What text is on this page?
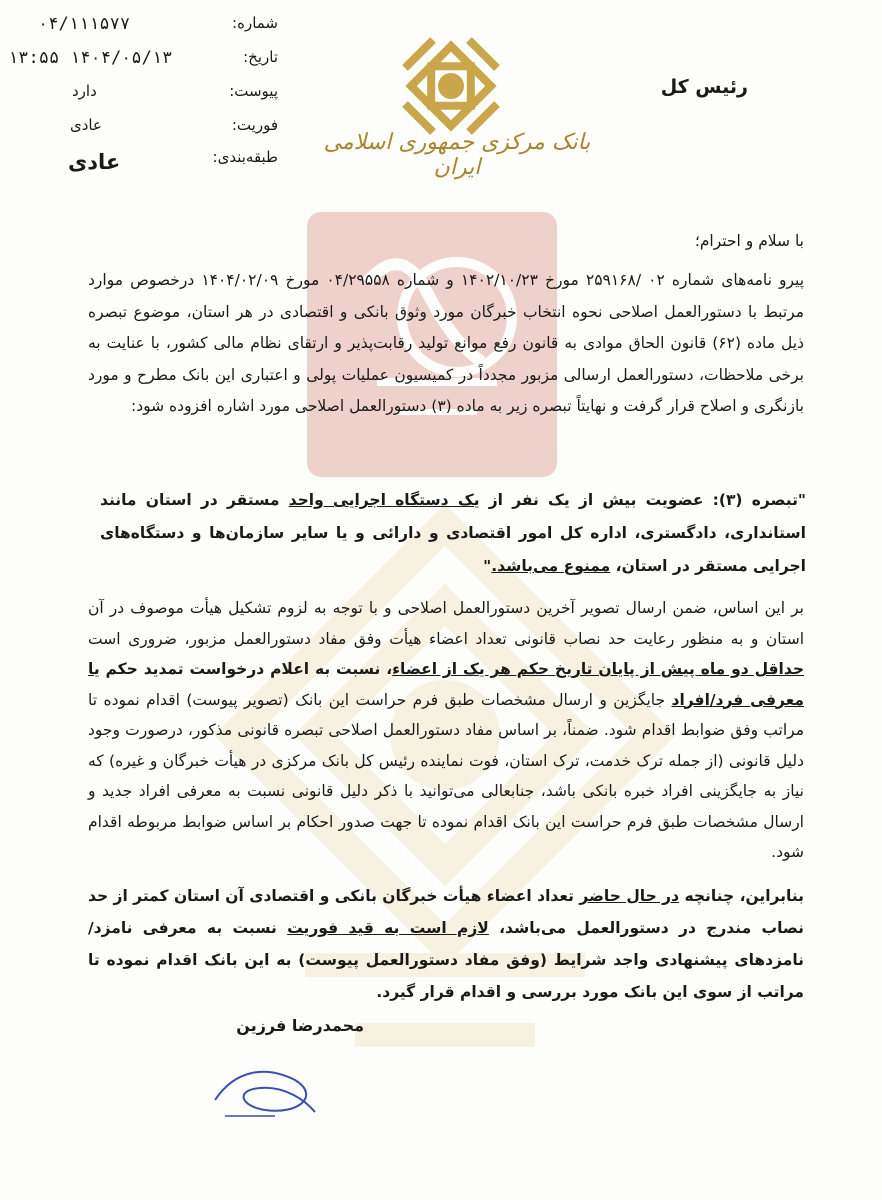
شماره:
۰۴/۱۱۱۵۷۷
تاریخ:
۱۴۰۴/۰۵/۱۳
۱۳:۵۵
پیوست:
دارد
فوریت:
عادی
طبقه‌بندی:
عادی
بانک مرکزی جمهوری اسلامی ایران
رئیس کل
با سلام و احترام؛
پیرو نامه‌های شماره ۰۲ /۲۵۹۱۶۸ مورخ ۱۴۰۲/۱۰/۲۳ و شماره ۰۴/۲۹۵۵۸ مورخ ۱۴۰۴/۰۲/۰۹ درخصوص موارد مرتبط با دستورالعمل اصلاحی نحوه انتخاب خبرگان مورد وثوق بانکی و اقتصادی در هر استان، موضوع تبصره ذیل ماده (۶۲) قانون الحاق موادی به قانون رفع موانع تولید رقابت‌پذیر و ارتقای نظام مالی کشور، با عنایت به برخی ملاحظات، دستورالعمل ارسالی مزبور مجدداً در کمیسیون عملیات پولی و اعتباری این بانک مطرح و مورد بازنگری و اصلاح قرار گرفت و نهایتاً تبصره زیر به ماده (۳) دستورالعمل اصلاحی مورد اشاره افزوده شود:
"تبصره (۳): عضویت بیش از یک نفر از یک دستگاه اجرایی واحد مستقر در استان مانند استانداری، دادگستری، اداره کل امور اقتصادی و دارائی و یا سایر سازمان‌ها و دستگاه‌های اجرایی مستقر در استان، ممنوع می‌باشد."
بر این اساس، ضمن ارسال تصویر آخرین دستورالعمل اصلاحی و با توجه به لزوم تشکیل هیأت موصوف در آن استان و به منظور رعایت حد نصاب قانونی تعداد اعضاء هیأت وفق مفاد دستورالعمل مزبور، ضروری است حداقل دو ماه پیش از پایان تاریخ حکم هر یک از اعضاء، نسبت به اعلام درخواست تمدید حکم یا معرفی فرد/افراد جایگزین و ارسال مشخصات طبق فرم حراست این بانک (تصویر پیوست) اقدام نموده تا مراتب وفق ضوابط اقدام شود. ضمناً، بر اساس مفاد دستورالعمل اصلاحی تبصره قانونی مذکور، درصورت وجود دلیل قانونی (از جمله ترک خدمت، ترک استان، فوت نماینده رئیس کل بانک مرکزی در هیأت خبرگان و غیره) که نیاز به جایگزینی افراد خبره بانکی باشد، جنابعالی می‌توانید با ذکر دلیل قانونی نسبت به معرفی افراد جدید و ارسال مشخصات طبق فرم حراست این بانک اقدام نموده تا جهت صدور احکام بر اساس ضوابط مربوطه اقدام شود.
بنابراین، چنانچه در حال حاضر تعداد اعضاء هیأت خبرگان بانکی و اقتصادی آن استان کمتر از حد نصاب مندرج در دستورالعمل می‌باشد، لازم است به قید فوریت نسبت به معرفی نامزد/نامزدهای پیشنهادی واجد شرایط (وفق مفاد دستورالعمل پیوست) به این بانک اقدام نموده تا مراتب از سوی این بانک مورد بررسی و اقدام قرار گیرد.
محمدرضا فرزین
